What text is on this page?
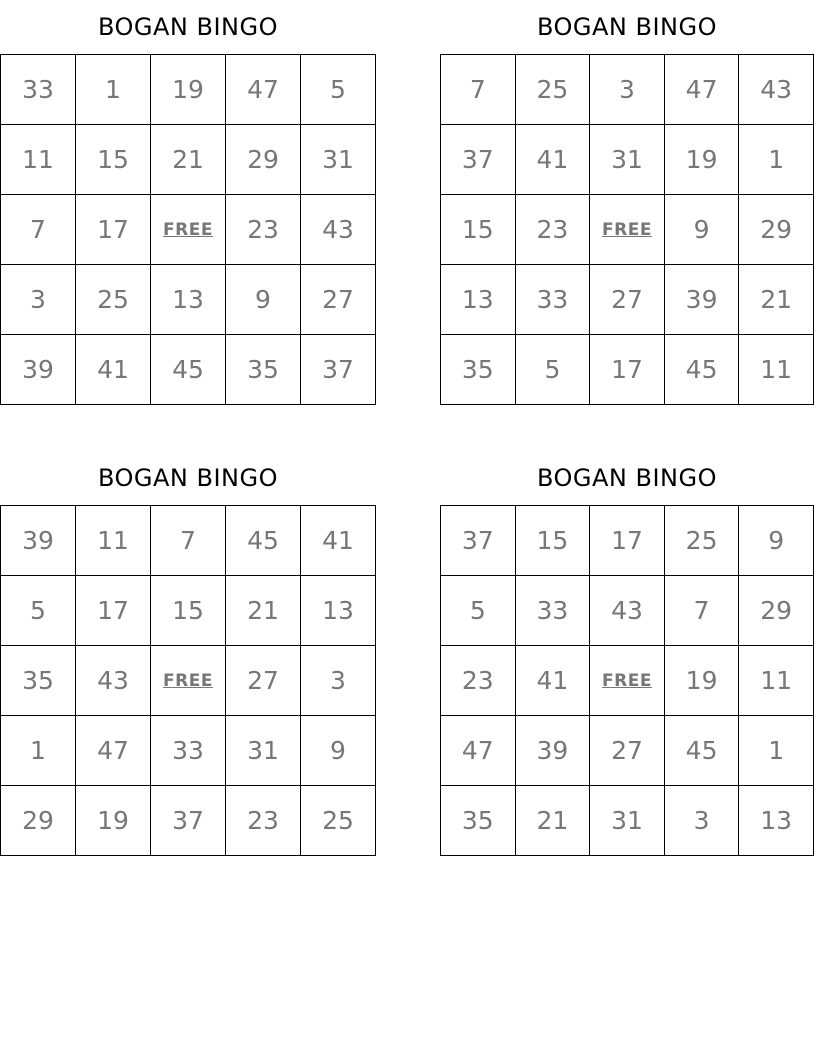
BOGAN BINGO
33	1	19	47	5
11	15	21	29	31
7	17	FREE	23	43
3	25	13	9	27
39	41	45	35	37
BOGAN BINGO
7	25	3	47	43
37	41	31	19	1
15	23	FREE	9	29
13	33	27	39	21
35	5	17	45	11
BOGAN BINGO
39	11	7	45	41
5	17	15	21	13
35	43	FREE	27	3
1	47	33	31	9
29	19	37	23	25
BOGAN BINGO
37	15	17	25	9
5	33	43	7	29
23	41	FREE	19	11
47	39	27	45	1
35	21	31	3	13
